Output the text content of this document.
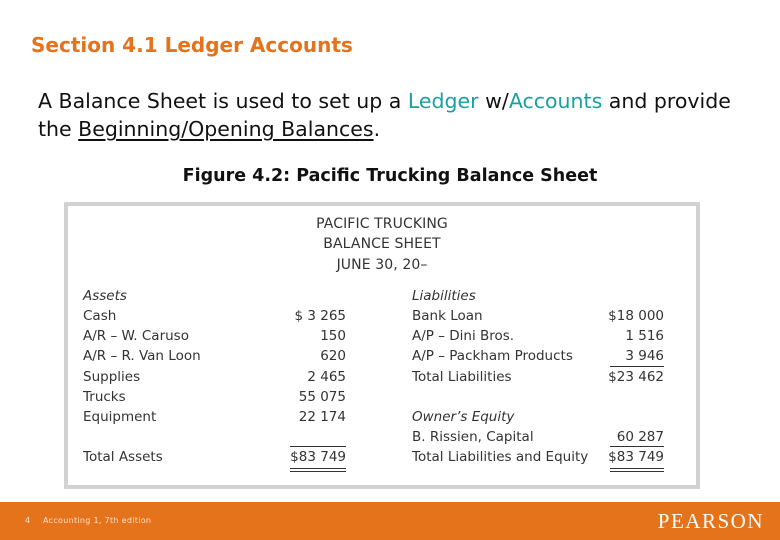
Section 4.1 Ledger Accounts
A Balance Sheet is used to set up a Ledger w/Accounts and provide the Beginning/Opening Balances.
Figure 4.2: Pacific Trucking Balance Sheet
PACIFIC TRUCKING
BALANCE SHEET
JUNE 30, 20–
Assets
Cash	$ 3 265
A/R – W. Caruso	150
A/R – R. Van Loon	620
Supplies	2 465
Trucks	55 075
Equipment	22 174
Total Assets	$83 749
Liabilities
Bank Loan	$18 000
A/P – Dini Bros.	1 516
A/P – Packham Products	3 946
Total Liabilities	$23 462
Owner’s Equity
B. Rissien, Capital	60 287
Total Liabilities and Equity	$83 749
4 Accounting 1, 7th edition	PEARSON
